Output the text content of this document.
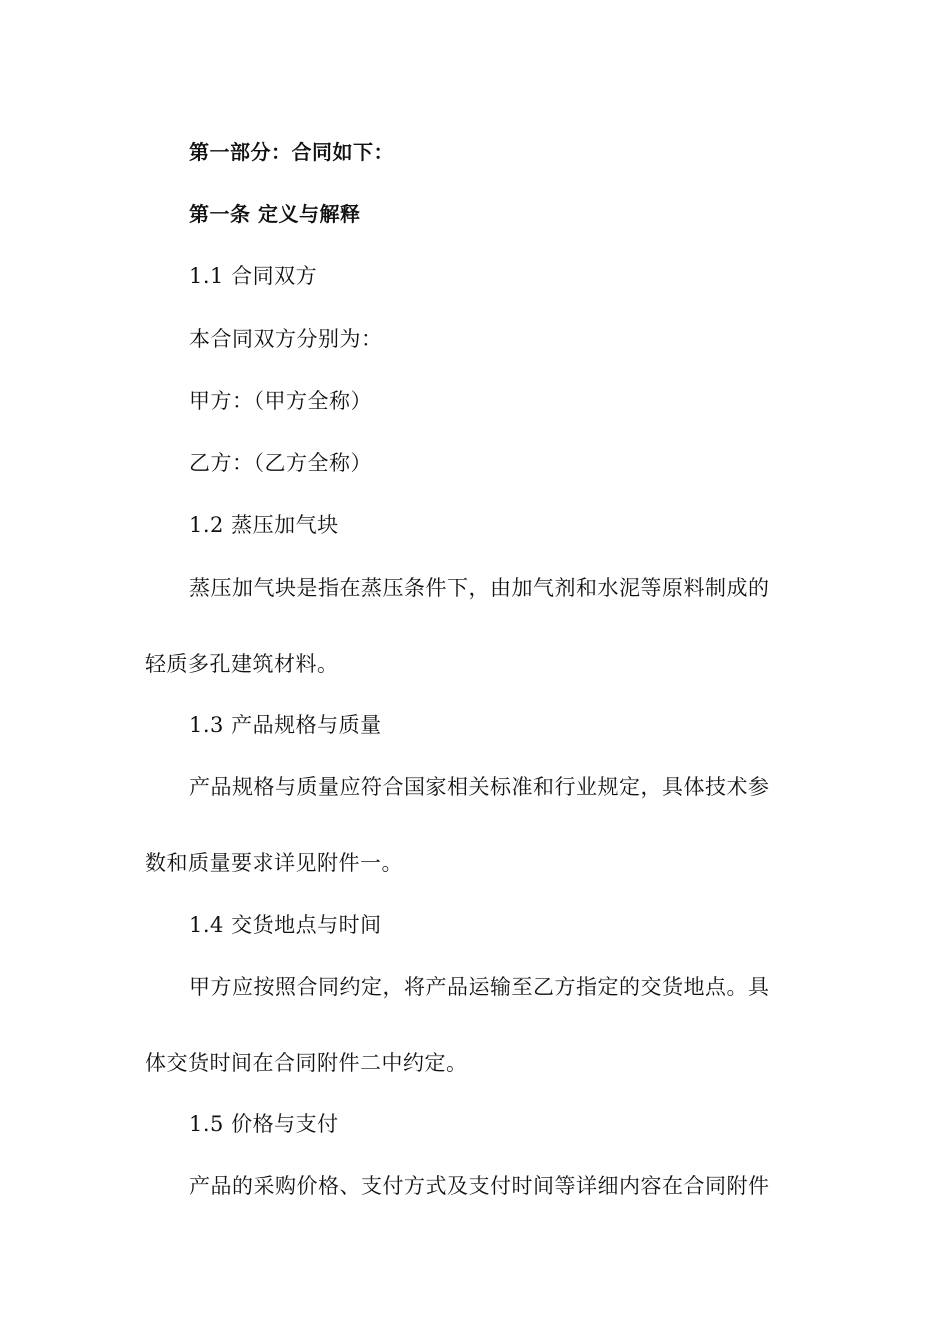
第一部分：合同如下：
第一条 定义与解释
1.1 合同双方
本合同双方分别为：
甲方：（甲方全称）
乙方：（乙方全称）
1.2 蒸压加气块
蒸压加气块是指在蒸压条件下，由加气剂和水泥等原料制成的
轻质多孔建筑材料。
1.3 产品规格与质量
产品规格与质量应符合国家相关标准和行业规定，具体技术参
数和质量要求详见附件一。
1.4 交货地点与时间
甲方应按照合同约定，将产品运输至乙方指定的交货地点。具
体交货时间在合同附件二中约定。
1.5 价格与支付
产品的采购价格、支付方式及支付时间等详细内容在合同附件
